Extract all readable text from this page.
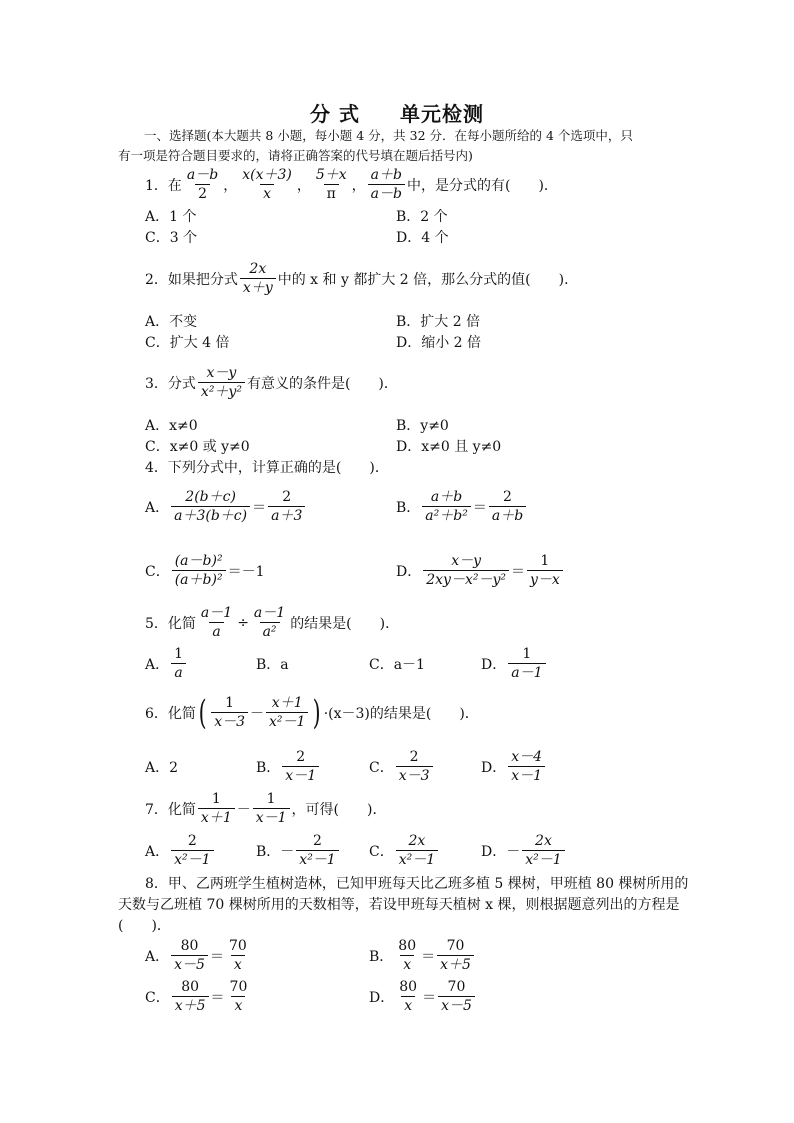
分 式 单元检测
一、选择题(本大题共 8 小题，每小题 4 分，共 32 分．在每小题所给的 4 个选项中，只
有一项是符合题目要求的，请将正确答案的代号填在题后括号内)
1．在 $\frac{a-b}{2}$ ， $\frac{x(x+3)}{x}$ ， $\frac{5+x}{\pi}$ ， $\frac{a+b}{a-b}$ 中，是分式的有(　　)．
A．1 个	B．2 个
C．3 个	D．4 个
2．如果把分式 $\frac{2x}{x+y}$ 中的 x 和 y 都扩大 2 倍，那么分式的值(　　)．
A．不变	B．扩大 2 倍
C．扩大 4 倍	D．缩小 2 倍
3．分式 $\frac{x-y}{\text{x²＋y²}}$ 有意义的条件是(　　)．
A．x≠0	B．y≠0
C．x≠0 或 y≠0	D．x≠0 且 y≠0
4．下列分式中，计算正确的是(　　)．
A． $\frac{2(b+c)}{a+3(b+c)} = \frac{2}{a+3}$	B． $\frac{a+b}{\text{a²＋b²}} = \frac{2}{a+b}$
C． $\frac{\text{(a－b)²}}{\text{(a＋b)²}} =-1$	D． $\frac{x-y}{\text{2xy－x²－y²}} = \frac{1}{y-x}$
5．化简 $\frac{a-1}{a} \div \frac{a-1}{\text{a²}}$ 的结果是(　　)．
A． $\frac{1}{a}$	B．a	C．a－1	D． $\frac{1}{a-1}$
6．化简 ( $\frac{1}{x-3} - \frac{x+1}{\text{x²－1}}$ ) ·(x－3)的结果是(　　)．
A．2	B． $\frac{2}{x-1}$	C． $\frac{2}{x-3}$	D． $\frac{x-4}{x-1}$
7．化简 $\frac{1}{x+1} - \frac{1}{x-1}$ ，可得(　　)．
A． $\frac{2}{\text{x²－1}}$	B．－ $\frac{2}{\text{x²－1}}$ C． $\frac{2x}{\text{x²－1}}$	D．－ $\frac{2x}{\text{x²－1}}$
8．甲、乙两班学生植树造林，已知甲班每天比乙班多植 5 棵树，甲班植 80 棵树所用的
天数与乙班植 70 棵树所用的天数相等，若设甲班每天植树 x 棵，则根据题意列出的方程是
(　　)．
A． $\frac{80}{x-5} = \frac{70}{x}$	B． $\frac{80}{x} = \frac{70}{x+5}$
C． $\frac{80}{x+5} = \frac{70}{x}$	D． $\frac{80}{x} = \frac{70}{x-5}$
